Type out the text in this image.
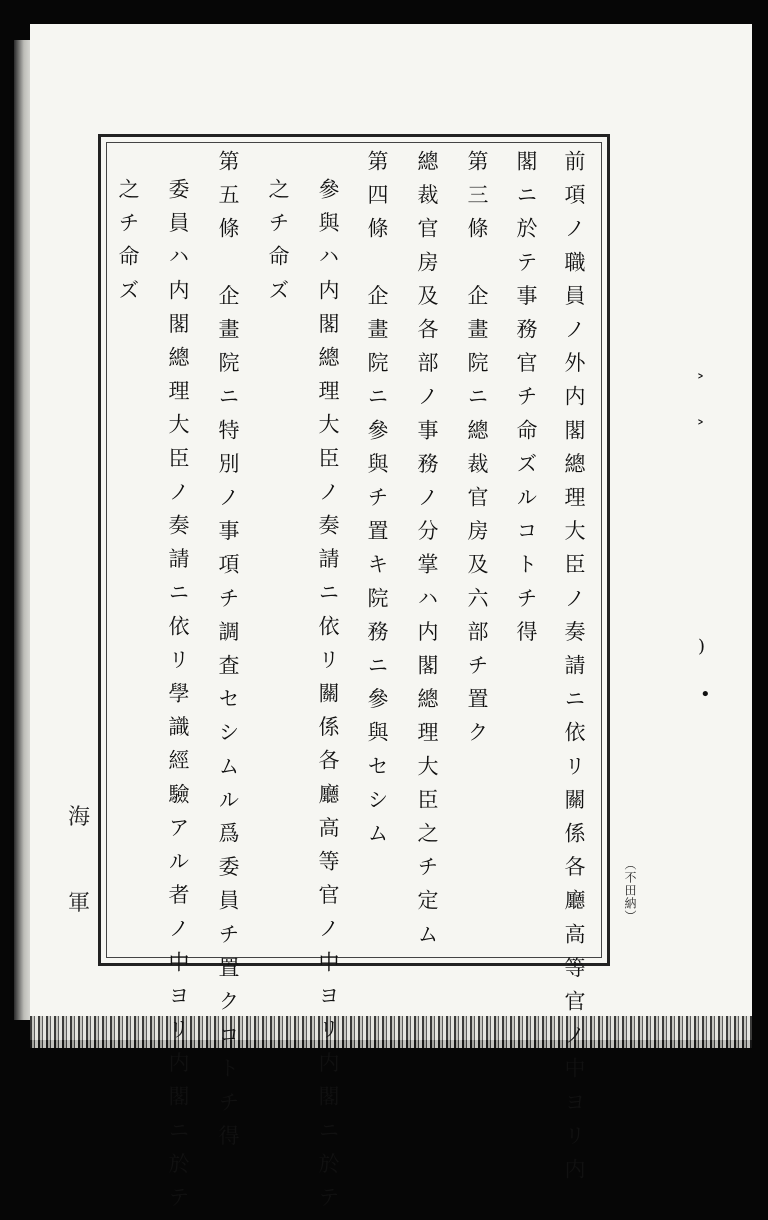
前項ノ職員ノ外内閣總理大臣ノ奏請ニ依リ關係各廳高等官ノ中ヨリ内
閣ニ於テ事務官チ命ズルコトチ得
第三條　企畫院ニ總裁官房及六部チ置ク
總裁官房及各部ノ事務ノ分掌ハ内閣總理大臣之チ定ム
第四條　企畫院ニ參與チ置キ院務ニ參與セシム
參與ハ内閣總理大臣ノ奏請ニ依リ關係各廳高等官ノ中ヨリ内閣ニ於テ
之チ命ズ
第五條　企畫院ニ特別ノ事項チ調査セシムル爲委員チ置クコトチ得
委員ハ内閣總理大臣ノ奏請ニ依リ學識經驗アル者ノ中ヨリ内閣ニ於テ
之チ命ズ
海
軍	（不田納）
˃
˃
)
•
